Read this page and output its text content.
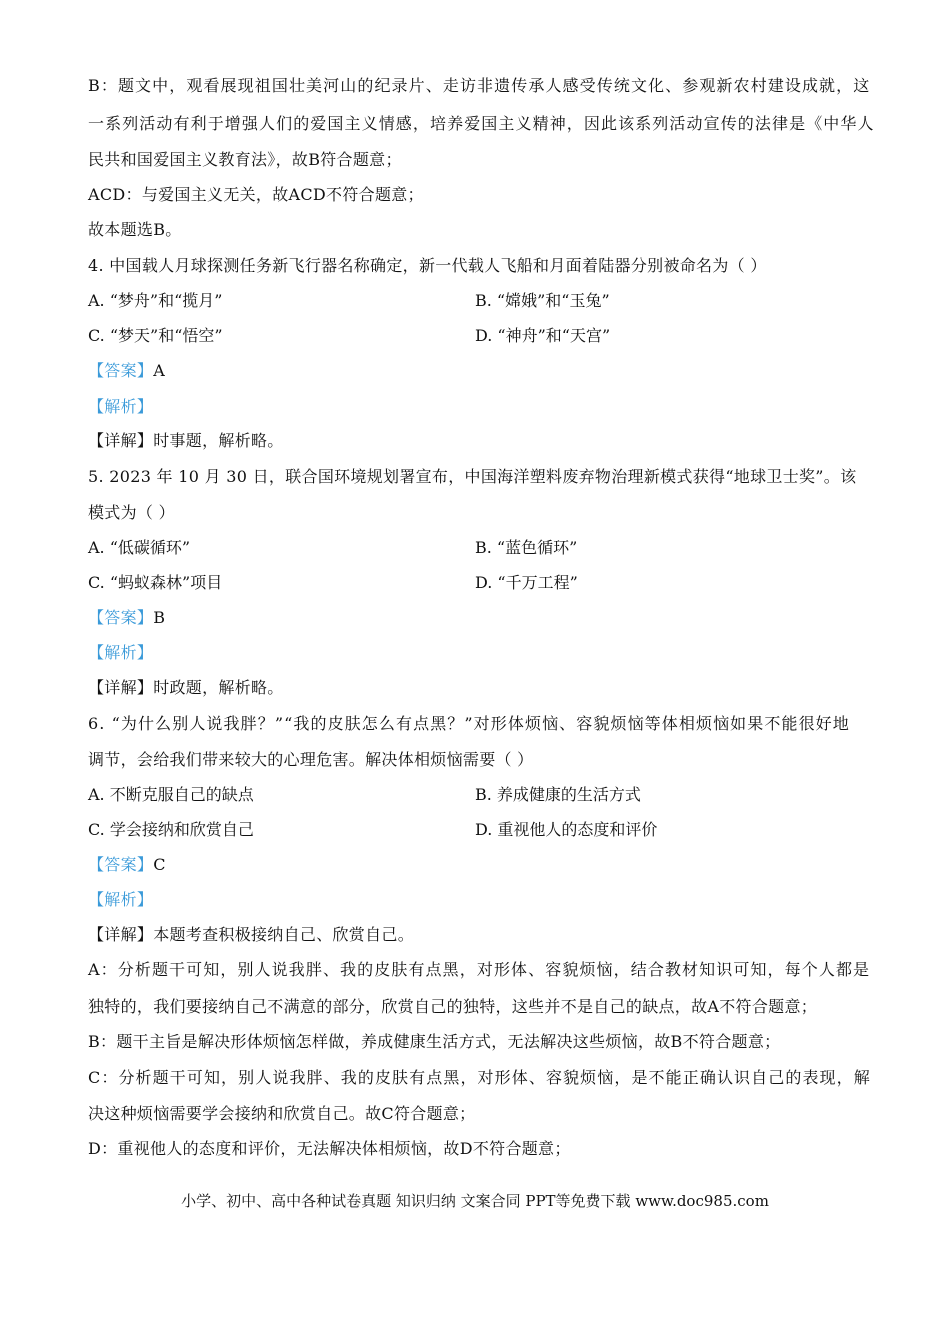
B：题文中，观看展现祖国壮美河山的纪录片、走访非遗传承人感受传统文化、参观新农村建设成就，这
一系列活动有利于增强人们的爱国主义情感，培养爱国主义精神，因此该系列活动宣传的法律是《中华人
民共和国爱国主义教育法》，故B符合题意；
ACD：与爱国主义无关，故ACD不符合题意；
故本题选B。
4. 中国载人月球探测任务新飞行器名称确定，新一代载人飞船和月面着陆器分别被命名为（ ）
A. “梦舟”和“揽月”	B. “嫦娥”和“玉兔”
C. “梦天”和“悟空”	D. “神舟”和“天宫”
【答案】A
【解析】
【详解】时事题，解析略。
5. 2023 年 10 月 30 日，联合国环境规划署宣布，中国海洋塑料废弃物治理新模式获得“地球卫士奖”。该
模式为（ ）
A. “低碳循环”	B. “蓝色循环”
C. “蚂蚁森林”项目	D. “千万工程”
【答案】B
【解析】
【详解】时政题，解析略。
6. “为什么别人说我胖？”“我的皮肤怎么有点黑？”对形体烦恼、容貌烦恼等体相烦恼如果不能很好地
调节，会给我们带来较大的心理危害。解决体相烦恼需要（ ）
A. 不断克服自己的缺点	B. 养成健康的生活方式
C. 学会接纳和欣赏自己	D. 重视他人的态度和评价
【答案】C
【解析】
【详解】本题考查积极接纳自己、欣赏自己。
A：分析题干可知，别人说我胖、我的皮肤有点黑，对形体、容貌烦恼，结合教材知识可知，每个人都是
独特的，我们要接纳自己不满意的部分，欣赏自己的独特，这些并不是自己的缺点，故A不符合题意；
B：题干主旨是解决形体烦恼怎样做，养成健康生活方式，无法解决这些烦恼，故B不符合题意；
C：分析题干可知，别人说我胖、我的皮肤有点黑，对形体、容貌烦恼，是不能正确认识自己的表现，解
决这种烦恼需要学会接纳和欣赏自己。故C符合题意；
D：重视他人的态度和评价，无法解决体相烦恼，故D不符合题意；
小学、初中、高中各种试卷真题 知识归纳 文案合同 PPT等免费下载 www.doc985.com
